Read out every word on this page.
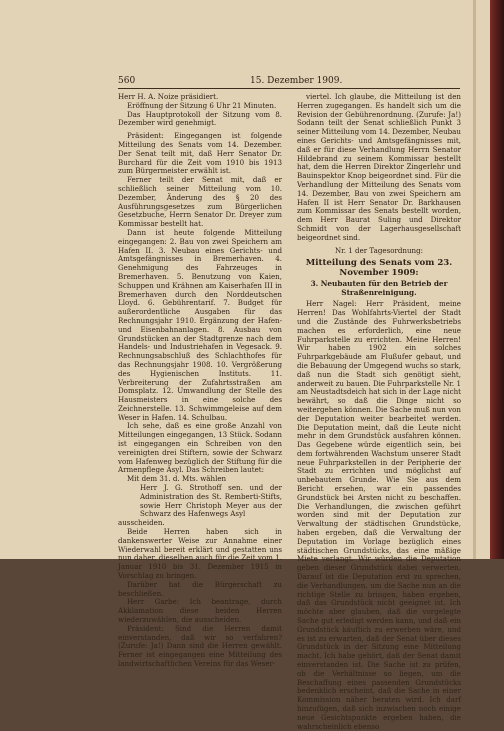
560	15. Dezember 1909.

Herr H. A. Noize präsidiert.

Eröffnung der Sitzung 6 Uhr 21 Minuten.

Das Hauptprotokoll der Sitzung vom 8. Dezember wird genehmigt.

Präsident: Eingegangen ist folgende Mitteilung des Senats vom 14. Dezember. Der Senat teilt mit, daß Herr Senator Dr. Burchard für die Zeit vom 1910 bis 1913 zum Bürgermeister erwählt ist.

Ferner teilt der Senat mit, daß er schließlich seiner Mitteilung vom 10. Dezember, Änderung des § 20 des Ausführungsgesetzes zum Bürgerlichen Gesetzbuche, Herrn Senator Dr. Dreyer zum Kommissar bestellt hat.

Dann ist heute folgende Mitteilung eingegangen: 2. Bau von zwei Speichern am Hafen II. 3. Neubau eines Gerichts- und Amtsgefängnisses in Bremerhaven. 4. Genehmigung des Fahrzeuges in Bremerhaven. 5. Benutzung von Kaien, Schuppen und Krähnen am Kaiserhafen III in Bremerhaven durch den Norddeutschen Lloyd. 6. Gebührentarif. 7. Budget für außerordentliche Ausgaben für das Rechnungsjahr 1910. Ergänzung der Hafen- und Eisenbahnanlagen. 8. Ausbau von Grundstücken an der Stadtgrenze nach dem Handels- und Industriehafen in Vegesack. 9. Rechnungsabschluß des Schlachthofes für das Rechnungsjahr 1908. 10. Vergrößerung des Hygienischen Instituts. 11. Verbreiterung der Zufahrtsstraßen am Domsplatz. 12. Umwandlung der Stelle des Hausmeisters in eine solche des Zeichnerstelle. 13. Schwimmgeleise auf dem Weser in Hafen. 14. Schulbau.

Ich sehe, daß es eine große Anzahl von Mitteilungen eingegangen, 13 Stück. Sodann ist eingegangen ein Schreiben von den vereinigten drei Stiftern, sowie der Schwarz vom Hafenweg bezüglich der Stiftung für die Armenpflege Asyl. Das Schreiben lautet:

Mit dem 31. d. Mts. wählen

Herr J. G. Strothoff sen. und der Administration des St. Remberti-Stifts, sowie Herr Christoph Meyer aus der Schwarz des Hafenwegs Asyl

ausscheiden.

Beide Herren haben sich in dankenswerter Weise zur Annahme einer Wiederwahl bereit erklärt und gestatten uns nun daher, dieselben auch für die Zeit vom 1. Januar 1910 bis 31. Dezember 1915 in Vorschlag zu bringen.

Darüber hat die Bürgerschaft zu beschließen.

Herr Garbe: Ich beantrage, durch Akklamation diese beiden Herren wiederzuwählen, die ausscheiden.

Präsident: Sind die Herren damit einverstanden, daß wir so verfahren? (Zurufe: Ja!) Dann sind die Herren gewählt. Ferner ist eingegangen eine Mitteilung des landwirtschaftlichen Vereins für das Weser-

viertel. Ich glaube, die Mitteilung ist den Herren zugegangen. Es handelt sich um die Revision der Gebührenordnung. (Zurufe: Ja!) Sodann teilt der Senat schließlich Punkt 3 seiner Mitteilung vom 14. Dezember, Neubau eines Gerichts- und Amtsgefängnisses mit, daß er für diese Verhandlung Herrn Senator Hildebrand zu seinem Kommissar bestellt hat, dem die Herren Direktor Zingerlehr und Bauinspektor Knop beigeordnet sind. Für die Verhandlung der Mitteilung des Senats vom 14. Dezember, Bau von zwei Speichern am Hafen II ist Herr Senator Dr. Barkhausen zum Kommissar des Senats bestellt worden, dem Herr Baurat Suling und Direktor Schmidt von der Lagerhausgesellschaft beigeordnet sind.

Nr. 1 der Tagesordnung:

Mitteilung des Senats vom 23. November 1909:

3. Neubauten für den Betrieb der Straßenreinigung.

Herr Nagel: Herr Präsident, meine Herren! Das Wohlfahrts-Viertel der Stadt und die Zustände des Fuhrwerksbetriebs machen es erforderlich, eine neue Fuhrparkstelle zu errichten. Meine Herren! Wir haben 1902 ein solches Fuhrparkgebäude am Flußufer gebaut, und die Bebauung der Umgegend wuchs so stark, daß nun die Stadt sich genötigt sieht, anderweit zu bauen. Die Fuhrparkstelle Nr. 1 am Neustadtsdeich hat sich in der Lage nicht bewährt, so daß die Dinge nicht so weitergehen können. Die Sache muß nun von der Deputation weiter bearbeitet werden. Die Deputation meint, daß die Leute nicht mehr in dem Grundstück ausfahren können. Das Gegebene würde eigentlich sein, bei dem fortwährenden Wachstum unserer Stadt neue Fuhrparkstellen in der Peripherie der Stadt zu errichten und möglichst auf unbebautem Grunde. Wie Sie aus dem Bericht ersehen, war ein passendes Grundstück bei Arsten nicht zu beschaffen. Die Verhandlungen, die zwischen geführt worden sind mit der Deputation zur Verwaltung der städtischen Grundstücke, haben ergeben, daß die Verwaltung der Deputation im Vorlage bezüglich eines städtischen Grundstücks, das eine mäßige Miete verlangt. Wir würden die Deputation geben dieser Grundstück dabei verwerten. Darauf ist die Deputation erst zu sprechen, die Verhandlungen, um die Sache nun an die richtige Stelle zu bringen, haben ergeben, daß das Grundstück nicht geeignet ist. Ich möchte aber glauben, daß die vorgelegte Sache gut erledigt werden kann, und daß ein Grundstück käuflich zu erwerben wäre, und es ist zu erwarten, daß der Senat über dieses Grundstück in der Sitzung eine Mitteilung macht. Ich habe gehört, daß der Senat damit einverstanden ist. Die Sache ist zu prüfen, ob die Verhältnisse so liegen, um die Beschaffung eines passenden Grundstücks bedenklich erscheint, daß die Sache in einer Kommission näher beraten wird. Ich darf hinzufügen, daß sich inzwischen noch einige neue Gesichtspunkte ergeben haben, die wahrscheinlich ebenso
